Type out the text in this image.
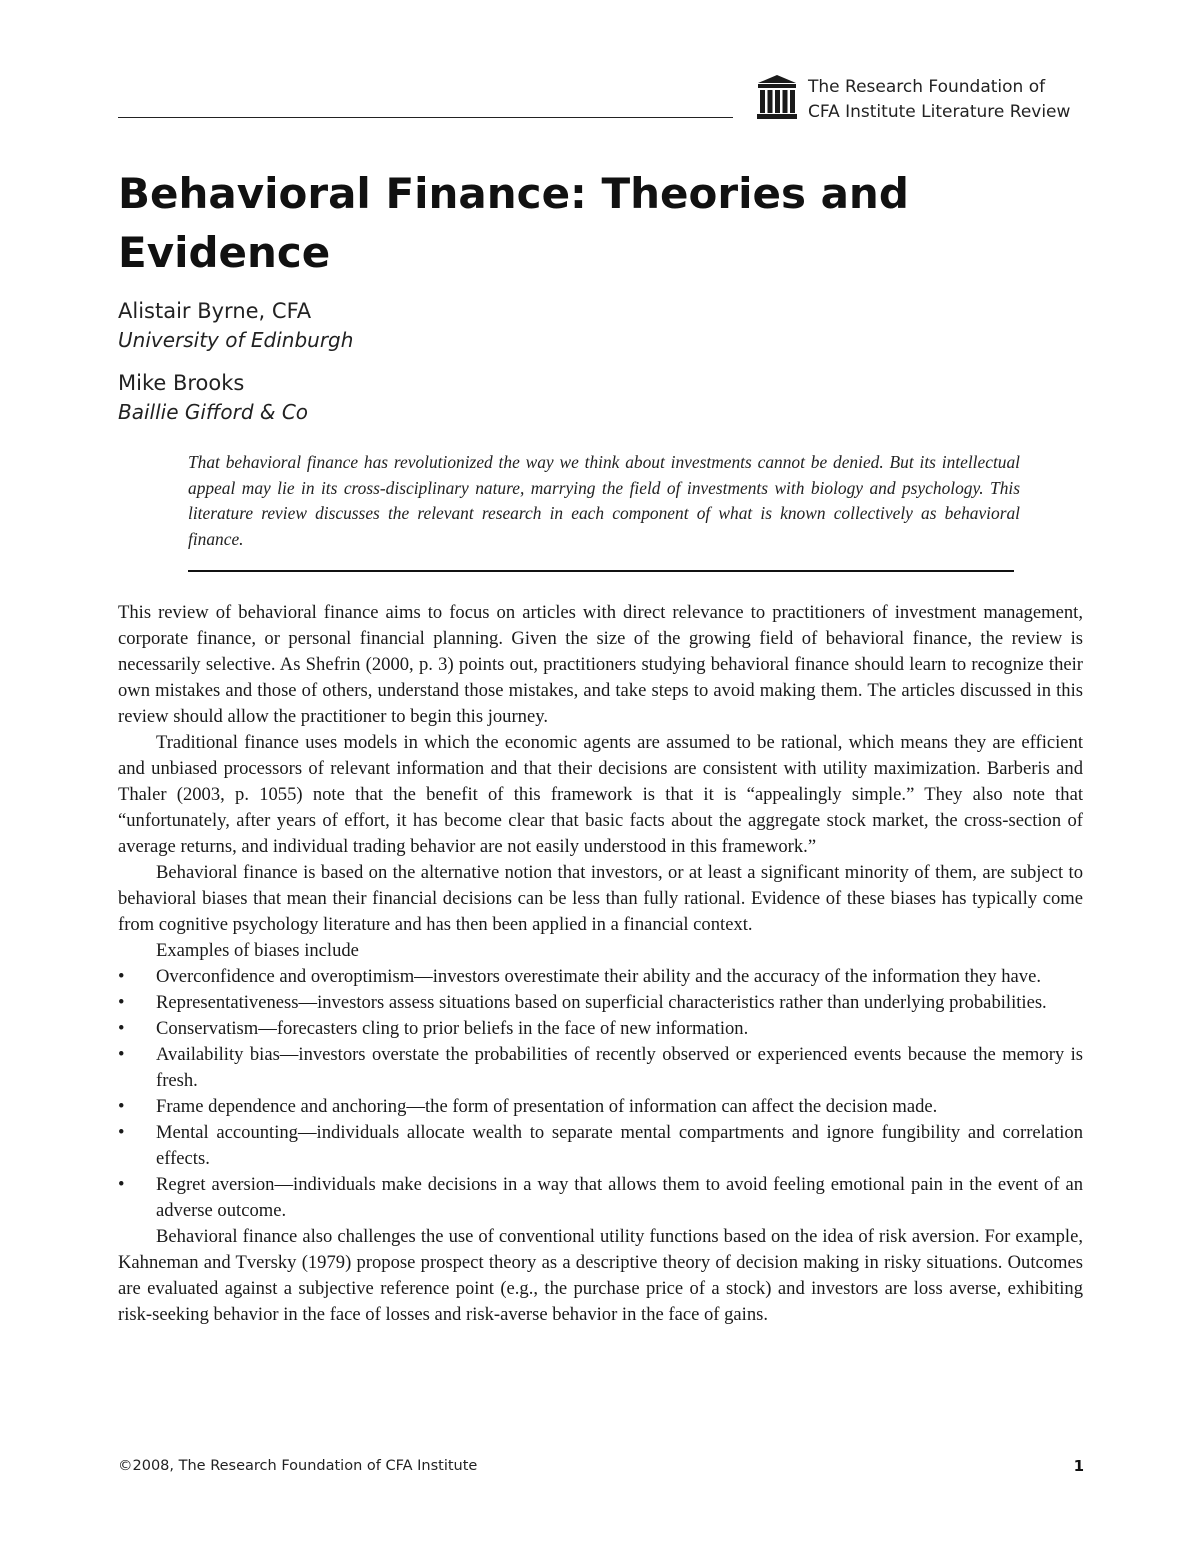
The Research Foundation of
CFA Institute Literature Review
Behavioral Finance: Theories and Evidence
Alistair Byrne, CFA
University of Edinburgh
Mike Brooks
Baillie Gifford & Co

That behavioral finance has revolutionized the way we think about investments cannot be denied. But its intellectual appeal may lie in its cross-disciplinary nature, marrying the field of investments with biology and psychology. This literature review discusses the relevant research in each component of what is known collectively as behavioral finance.

This review of behavioral finance aims to focus on articles with direct relevance to practitioners of investment management, corporate finance, or personal financial planning. Given the size of the growing field of behavioral finance, the review is necessarily selective. As Shefrin (2000, p. 3) points out, practitioners studying behavioral finance should learn to recognize their own mistakes and those of others, understand those mistakes, and take steps to avoid making them. The articles discussed in this review should allow the practitioner to begin this journey.

Traditional finance uses models in which the economic agents are assumed to be rational, which means they are efficient and unbiased processors of relevant information and that their decisions are consistent with utility maximization. Barberis and Thaler (2003, p. 1055) note that the benefit of this framework is that it is “appealingly simple.” They also note that “unfortunately, after years of effort, it has become clear that basic facts about the aggregate stock market, the cross-section of average returns, and individual trading behavior are not easily understood in this framework.”

Behavioral finance is based on the alternative notion that investors, or at least a significant minority of them, are subject to behavioral biases that mean their financial decisions can be less than fully rational. Evidence of these biases has typically come from cognitive psychology literature and has then been applied in a financial context.

Examples of biases include

• Overconfidence and overoptimism—investors overestimate their ability and the accuracy of the information they have.
• Representativeness—investors assess situations based on superficial characteristics rather than underlying probabilities.
• Conservatism—forecasters cling to prior beliefs in the face of new information.
• Availability bias—investors overstate the probabilities of recently observed or experienced events because the memory is fresh.
• Frame dependence and anchoring—the form of presentation of information can affect the decision made.
• Mental accounting—individuals allocate wealth to separate mental compartments and ignore fungibility and correlation effects.
• Regret aversion—individuals make decisions in a way that allows them to avoid feeling emotional pain in the event of an adverse outcome.

Behavioral finance also challenges the use of conventional utility functions based on the idea of risk aversion. For example, Kahneman and Tversky (1979) propose prospect theory as a descriptive theory of decision making in risky situations. Outcomes are evaluated against a subjective reference point (e.g., the purchase price of a stock) and investors are loss averse, exhibiting risk-seeking behavior in the face of losses and risk-averse behavior in the face of gains.

©2008, The Research Foundation of CFA Institute	1
